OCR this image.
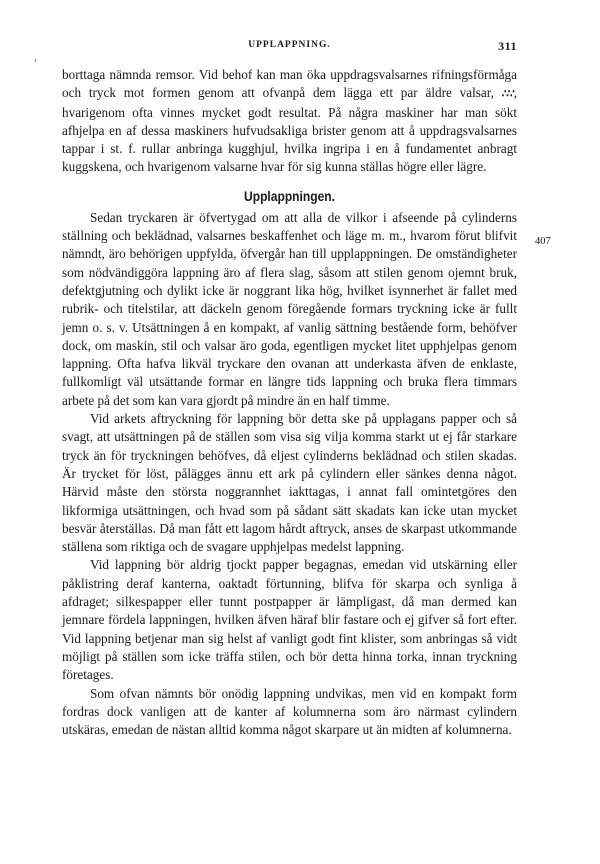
UPPLAPPNING.	311
ʼ
407

borttaga nämnda remsor. Vid behof kan man öka uppdragsvalsarnes rifningsförmåga och tryck mot formen genom att ofvanpå dem lägga ett par äldre valsar, ∴∵, hvarigenom ofta vinnes mycket godt resultat. På några maskiner har man sökt afhjelpa en af dessa maskiners hufvudsakliga brister genom att å uppdragsvalsarnes tappar i st. f. rullar anbringa kugghjul, hvilka ingripa i en å fundamentet anbragt kuggskena, och hvarigenom valsarne hvar för sig kunna ställas högre eller lägre.

Upplappningen.

Sedan tryckaren är öfvertygad om att alla de vilkor i afseende på cylinderns ställning och beklädnad, valsarnes beskaffenhet och läge m. m., hvarom förut blifvit nämndt, äro behörigen uppfylda, öfvergår han till upplappningen. De omständigheter som nödvändiggöra lappning äro af flera slag, såsom att stilen genom ojemnt bruk, defektgjutning och dylikt icke är noggrant lika hög, hvilket isynnerhet är fallet med rubrik- och titelstilar, att däckeln genom föregående formars tryckning icke är fullt jemn o. s. v. Utsättningen å en kompakt, af vanlig sättning bestående form, behöfver dock, om maskin, stil och valsar äro goda, egentligen mycket litet upphjelpas genom lappning. Ofta hafva likväl tryckare den ovanan att underkasta äfven de enklaste, fullkomligt väl utsättande formar en längre tids lappning och bruka flera timmars arbete på det som kan vara gjordt på mindre än en half timme.

Vid arkets aftryckning för lappning bör detta ske på upplagans papper och så svagt, att utsättningen på de ställen som visa sig vilja komma starkt ut ej får starkare tryck än för tryckningen behöfves, då eljest cylinderns beklädnad och stilen skadas. Är trycket för löst, pålägges ännu ett ark på cylindern eller sänkes denna något. Härvid måste den största noggrannhet iakttagas, i annat fall omintetgöres den likformiga utsättningen, och hvad som på sådant sätt skadats kan icke utan mycket besvär återställas. Då man fått ett lagom hårdt aftryck, anses de skarpast utkommande ställena som riktiga och de svagare upphjelpas medelst lappning.

Vid lappning bör aldrig tjockt papper begagnas, emedan vid utskärning eller påklistring deraf kanterna, oaktadt förtunning, blifva för skarpa och synliga å afdraget; silkespapper eller tunnt postpapper är lämpligast, då man dermed kan jemnare fördela lappningen, hvilken äfven häraf blir fastare och ej gifver så fort efter. Vid lappning betjenar man sig helst af vanligt godt fint klister, som anbringas så vidt möjligt på ställen som icke träffa stilen, och bör detta hinna torka, innan tryckning företages.

Som ofvan nämnts bör onödig lappning undvikas, men vid en kompakt form fordras dock vanligen att de kanter af kolumnerna som äro närmast cylindern utskäras, emedan de nästan alltid komma något skarpare ut än midten af kolumnerna.
